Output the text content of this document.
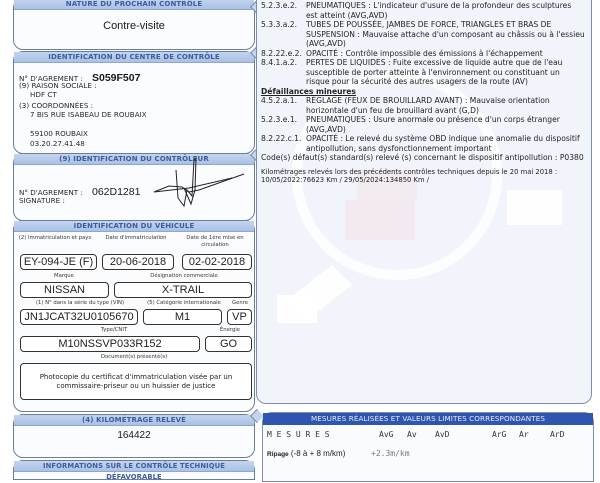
NATURE DU PROCHAIN CONTRÔLE
Contre-visite
IDENTIFICATION DU CENTRE DE CONTRÔLE
N° D'AGREMENT : S059F507
(9) RAISON SOCIALE :
HDF CT
(3) COORDONNÉES :
7 BIS RUE ISABEAU DE ROUBAIX
59100 ROUBAIX
03.20.27.41.48
(9) IDENTIFICATION DU CONTRÔLEUR
N° D'AGREMENT : 062D1281
SIGNATURE :
IDENTIFICATION DU VÉHICULE
(2) Immatriculation et pays	Date d'immatriculation	Date de 1ère mise en circulation
EY-094-JE (F)	20-06-2018	02-02-2018
Marque	Désignation commerciale
NISSAN	X-TRAIL
(1) N° dans la série du type (VIN)	(5) Catégorie internationale	Genre
JN1JCAT32U0105670	M1	VP
Type/CNIT	Énergie
M10NSSVP033R152	GO
Document(s) présenté(s)
Photocopie du certificat d'immatriculation visée par un commissaire-priseur ou un huissier de justice
(4) KILOMÉTRAGE RELEVÉ
164422
INFORMATIONS SUR LE CONTRÔLE TECHNIQUE DÉFAVORABLE
5.2.3.e.2.	PNEUMATIQUES : L'indicateur d'usure de la profondeur des sculptures est atteint (AVG,AVD)
5.3.3.a.2.	TUBES DE POUSSÉE, JAMBES DE FORCE, TRIANGLES ET BRAS DE SUSPENSION : Mauvaise attache d'un composant au châssis ou à l'essieu (AVG,AVD)
8.2.22.e.2. OPACITÉ : Contrôle impossible des émissions à l'échappement
8.4.1.a.2.	PERTES DE LIQUIDES : Fuite excessive de liquide autre que de l'eau susceptible de porter atteinte à l'environnement ou constituant un risque pour la sécurité des autres usagers de la route (AV)
Défaillances mineures
4.5.2.a.1.	RÉGLAGE (FEUX DE BROUILLARD AVANT) : Mauvaise orientation horizontale d'un feu de brouillard avant (G,D)
5.2.3.e.1.	PNEUMATIQUES : Usure anormale ou présence d'un corps étranger (AVG,AVD)
8.2.22.c.1. OPACITÉ : Le relevé du système OBD indique une anomalie du dispositif antipollution, sans dysfonctionnement important
Code(s) défaut(s) standard(s) relevé (s) concernant le dispositif antipollution : P0380
Kilométrages relevés lors des précédents contrôles techniques depuis le 20 mai 2018 :
10/05/2022:76623 Km / 29/05/2024:134850 Km /
MESURES RÉALISÉES ET VALEURS LIMITES CORRESPONDANTES
M E S U R E S	AvG Av AvD	ArG Ar	ArD
Ripage (-8 à + 8 m/km)	+2.3m/km
